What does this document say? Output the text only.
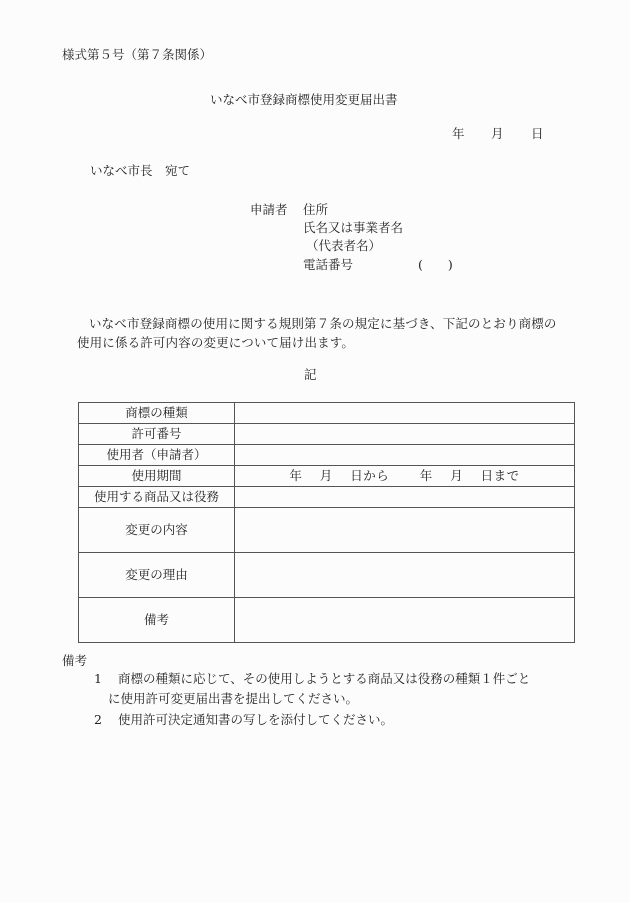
様式第５号（第７条関係）
いなべ市登録商標使用変更届出書
年 月 日
いなべ市長　宛て
申請者 住所
氏名又は事業者名
（代表者名）
電話番号	(　　)
いなべ市登録商標の使用に関する規則第７条の規定に基づき、下記のとおり商標の使用に係る許可内容の変更について届け出ます。
記
商標の種類	
許可番号	
使用者（申請者）	
使用期間	年　 月　 日から　　 年　 月　 日まで
使用する商品又は役務	
変更の内容	
変更の理由	
備考	
備考
1 商標の種類に応じて、その使用しようとする商品又は役務の種類１件ごと
に使用許可変更届出書を提出してください。
2 使用許可決定通知書の写しを添付してください。
